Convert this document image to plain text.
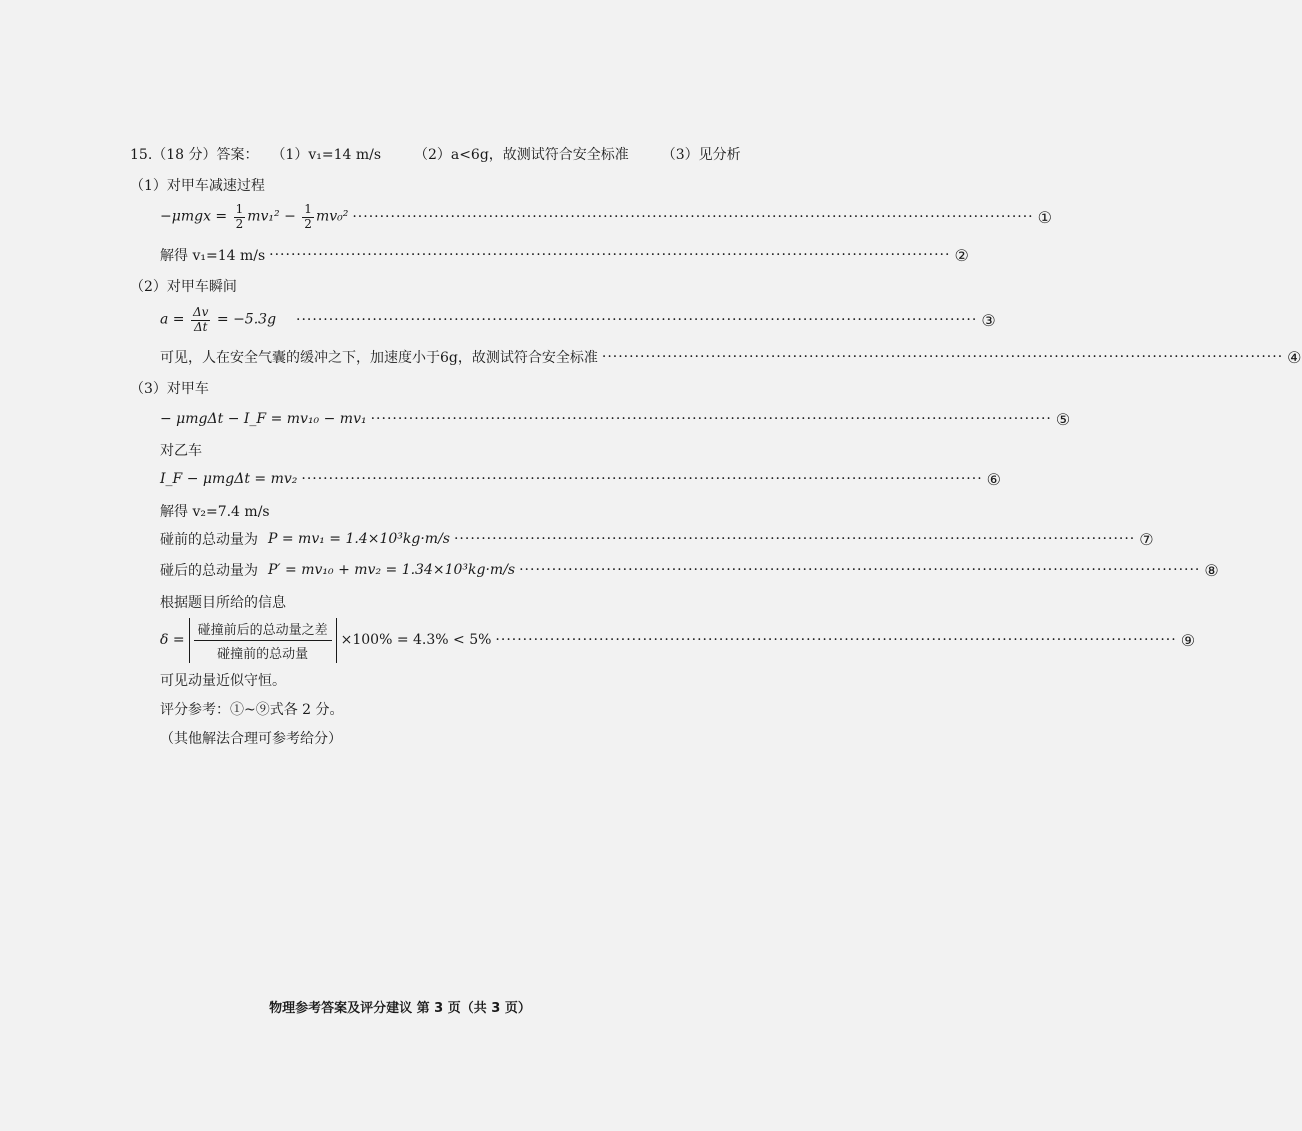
15.（18 分）答案： （1）v₁=14 m/s （2）a<6g，故测试符合安全标准 （3）见分析
（1）对甲车减速过程
$-\mu mgx = \frac{1}{2} mv_1^2 - \frac{1}{2} mv_0^2$ ····························································································································· ①
解得 v₁=14 m/s ····························································································································· ②
（2）对甲车瞬间
$a = \frac{\Delta v}{\Delta t} = -5.3g$ ····························································································································· ③
可见，人在安全气囊的缓冲之下，加速度小于6g，故测试符合安全标准 ····························································································································· ④
（3）对甲车
− μmgΔt − I_F = mv₁₀ − mv₁ ····························································································································· ⑤
对乙车
I_F − μmgΔt = mv₂ ····························································································································· ⑥
解得 v₂=7.4 m/s
碰前的总动量为 P = mv₁ = 1.4×10³kg·m/s ····························································································································· ⑦
碰后的总动量为 P′ = mv₁₀ + mv₂ = 1.34×10³kg·m/s ····························································································································· ⑧
根据题目所给的信息
$\delta = \frac{\text{碰撞前后的总动量之差}}{\text{碰撞前的总动量}} \times 100\% = 4.3\% < 5\%$ ····························································································································· ⑨
可见动量近似守恒。
评分参考：①~⑨式各 2 分。
（其他解法合理可参考给分）
物理参考答案及评分建议 第 3 页（共 3 页）
